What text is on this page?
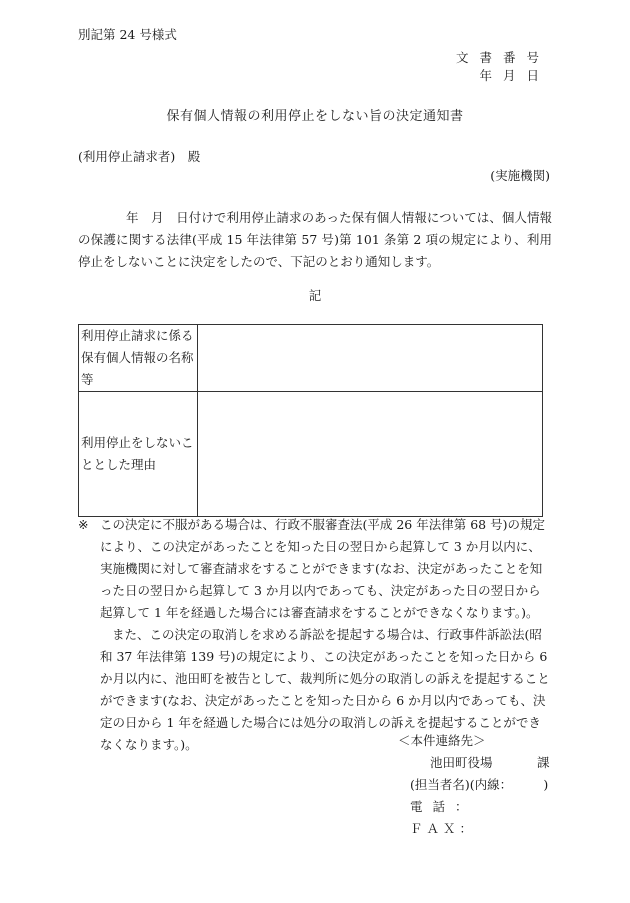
別記第 24 号様式
文書番号
年月日
保有個人情報の利用停止をしない旨の決定通知書
(利用停止請求者)　殿
(実施機関)
年　月　日付けで利用停止請求のあった保有個人情報については、個人情報の保護に関する法律(平成 15 年法律第 57 号)第 101 条第 2 項の規定により、利用停止をしないことに決定をしたので、下記のとおり通知します。
記
利用停止請求に係る保有個人情報の名称等	
利用停止をしないこととした理由	
※ この決定に不服がある場合は、行政不服審査法(平成 26 年法律第 68 号)の規定により、この決定があったことを知った日の翌日から起算して 3 か月以内に、実施機関に対して審査請求をすることができます(なお、決定があったことを知った日の翌日から起算して 3 か月以内であっても、決定があった日の翌日から起算して 1 年を経過した場合には審査請求をすることができなくなります。)。
また、この決定の取消しを求める訴訟を提起する場合は、行政事件訴訟法(昭和 37 年法律第 139 号)の規定により、この決定があったことを知った日から 6 か月以内に、池田町を被告として、裁判所に処分の取消しの訴えを提起することができます(なお、決定があったことを知った日から 6 か月以内であっても、決定の日から 1 年を経過した場合には処分の取消しの訴えを提起することができなくなります。)。	＜本件連絡先＞
池田町役場	課
(担当者名)(内線：　　　)
電話：
ＦＡＸ：
